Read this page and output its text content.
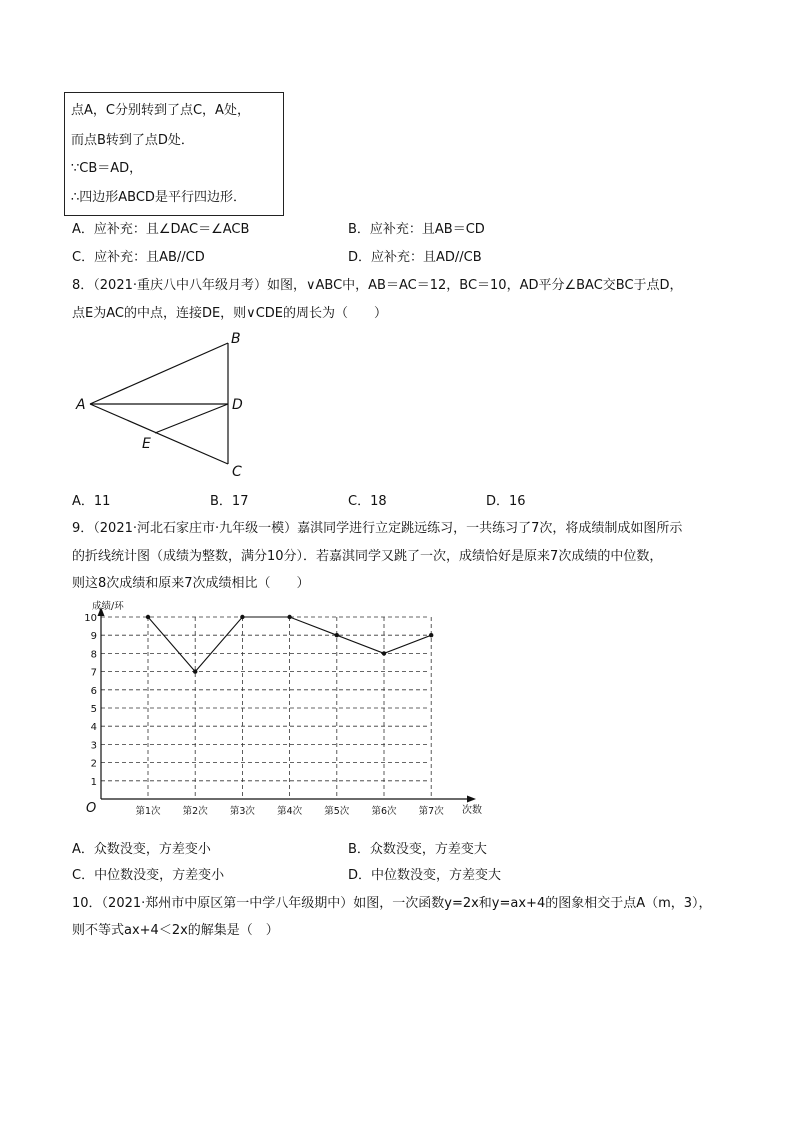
点A，C分别转到了点C，A处，
而点B转到了点D处．
∵CB＝AD，
∴四边形ABCD是平行四边形．
A．应补充：且∠DAC＝∠ACB	B．应补充：且AB＝CD
C．应补充：且AB//CD	D．应补充：且AD//CB
8．（2021·重庆八中八年级月考）如图，∨ABC中，AB＝AC＝12，BC＝10，AD平分∠BAC交BC于点D，
点E为AC的中点，连接DE，则∨CDE的周长为（　　）
A
B
C
D
E
A．11	B．17	C．18	D．16
9．（2021·河北石家庄市·九年级一模）嘉淇同学进行立定跳远练习，一共练习了7次，将成绩制成如图所示
的折线统计图（成绩为整数，满分10分）．若嘉淇同学又跳了一次，成绩恰好是原来7次成绩的中位数，
则这8次成绩和原来7次成绩相比（　　）
1
2
3
4
5
6
7
8
9
10
第1次 第2次 第3次 第4次 第5次 第6次 第7次
成绩/环
次数
O
A．众数没变，方差变小	B．众数没变，方差变大
C．中位数没变，方差变小	D．中位数没变，方差变大
10．（2021·郑州市中原区第一中学八年级期中）如图，一次函数y=2x和y=ax+4的图象相交于点A（m，3），
则不等式ax+4＜2x的解集是（　）
